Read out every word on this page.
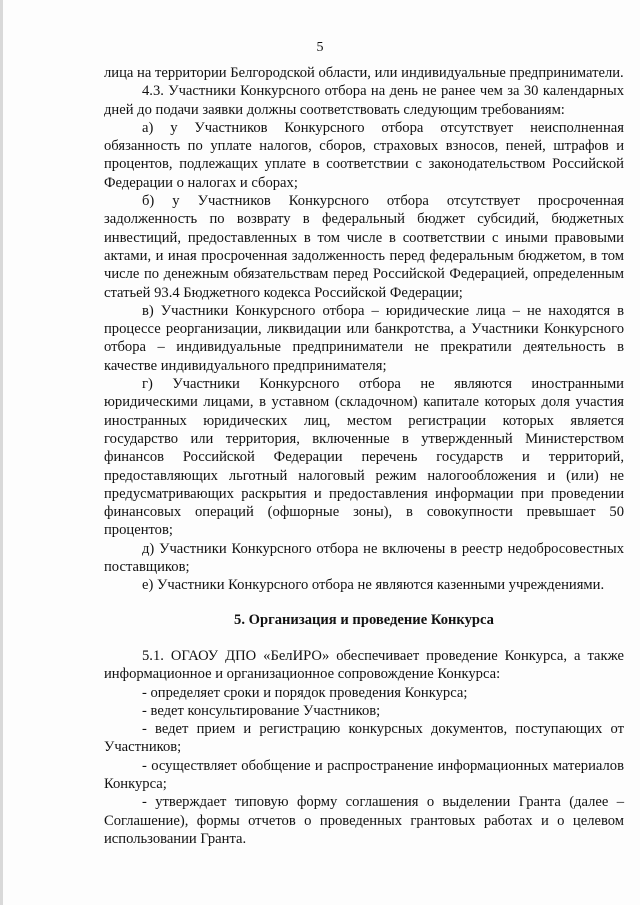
5

лица на территории Белгородской области, или индивидуальные предприниматели.

4.3. Участники Конкурсного отбора на день не ранее чем за 30 календарных дней до подачи заявки должны соответствовать следующим требованиям:

а) у Участников Конкурсного отбора отсутствует неисполненная обязанность по уплате налогов, сборов, страховых взносов, пеней, штрафов и процентов, подлежащих уплате в соответствии с законодательством Российской Федерации о налогах и сборах;

б) у Участников Конкурсного отбора отсутствует просроченная задолженность по возврату в федеральный бюджет субсидий, бюджетных инвестиций, предоставленных в том числе в соответствии с иными правовыми актами, и иная просроченная задолженность перед федеральным бюджетом, в том числе по денежным обязательствам перед Российской Федерацией, определенным статьей 93.4 Бюджетного кодекса Российской Федерации;

в) Участники Конкурсного отбора – юридические лица – не находятся в процессе реорганизации, ликвидации или банкротства, а Участники Конкурсного отбора – индивидуальные предприниматели не прекратили деятельность в качестве индивидуального предпринимателя;

г) Участники Конкурсного отбора не являются иностранными юридическими лицами, в уставном (складочном) капитале которых доля участия иностранных юридических лиц, местом регистрации которых является государство или территория, включенные в утвержденный Министерством финансов Российской Федерации перечень государств и территорий, предоставляющих льготный налоговый режим налогообложения и (или) не предусматривающих раскрытия и предоставления информации при проведении финансовых операций (офшорные зоны), в совокупности превышает 50 процентов;

д) Участники Конкурсного отбора не включены в реестр недобросовестных поставщиков;

е) Участники Конкурсного отбора не являются казенными учреждениями.

5. Организация и проведение Конкурса

5.1. ОГАОУ ДПО «БелИРО» обеспечивает проведение Конкурса, а также информационное и организационное сопровождение Конкурса:

- определяет сроки и порядок проведения Конкурса;

- ведет консультирование Участников;

- ведет прием и регистрацию конкурсных документов, поступающих от Участников;

- осуществляет обобщение и распространение информационных материалов Конкурса;

- утверждает типовую форму соглашения о выделении Гранта (далее – Соглашение), формы отчетов о проведенных грантовых работах и о целевом использовании Гранта.
